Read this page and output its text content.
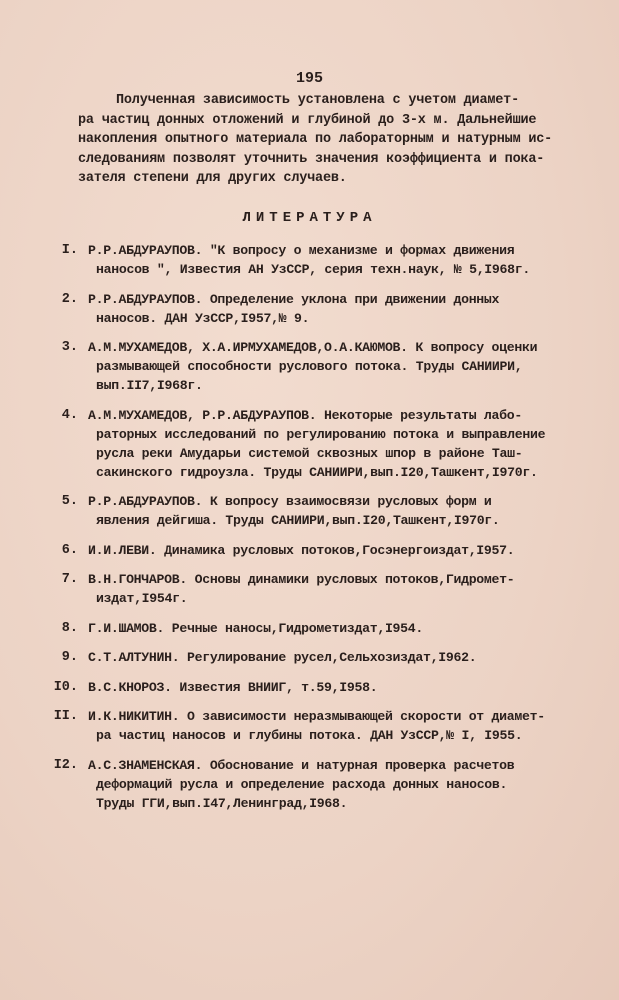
195
Полученная зависимость установлена с учетом диамет-
ра частиц донных отложений и глубиной до 3-х м. Дальнейшие
накопления опытного материала по лабораторным и натурным ис-
следованиям позволят уточнить значения коэффициента и пока-
зателя степени для других случаев.
ЛИТЕРАТУРА
I. Р.Р.АБДУРАУПОВ. "К вопросу о механизме и формах движения
наносов ", Известия АН УзССР, серия техн.наук, № 5,I968г.
2. Р.Р.АБДУРАУПОВ. Определение уклона при движении донных
наносов. ДАН УзССР,I957,№ 9.
3. А.М.МУХАМЕДОВ, Х.А.ИРМУХАМЕДОВ,О.А.КАЮМОВ. К вопросу оценки
размывающей способности руслового потока. Труды САНИИРИ,
вып.II7,I968г.
4. А.М.МУХАМЕДОВ, Р.Р.АБДУРАУПОВ. Некоторые результаты лабо-
раторных исследований по регулированию потока и выправление
русла реки Амударьи системой сквозных шпор в районе Таш-
сакинского гидроузла. Труды САНИИРИ,вып.I20,Ташкент,I970г.
5. Р.Р.АБДУРАУПОВ. К вопросу взаимосвязи русловых форм и
явления дейгиша. Труды САНИИРИ,вып.I20,Ташкент,I970г.
6. И.И.ЛЕВИ. Динамика русловых потоков,Госэнергоиздат,I957.
7. В.Н.ГОНЧАРОВ. Основы динамики русловых потоков,Гидромет-
издат,I954г.
8. Г.И.ШАМОВ. Речные наносы,Гидрометиздат,I954.
9. С.Т.АЛТУНИН. Регулирование русел,Сельхозиздат,I962.
I0. В.С.КНОРОЗ. Известия ВНИИГ, т.59,I958.
II. И.К.НИКИТИН. О зависимости неразмывающей скорости от диамет-
ра частиц наносов и глубины потока. ДАН УзССР,№ I, I955.
I2. А.С.ЗНАМЕНСКАЯ. Обоснование и натурная проверка расчетов
деформаций русла и определение расхода донных наносов.
Труды ГГИ,вып.I47,Ленинград,I968.
